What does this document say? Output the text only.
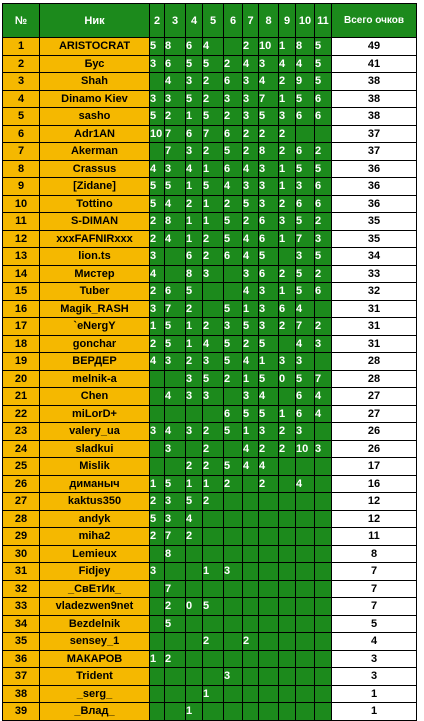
№	Ник	2	3	4	5	6	7	8	9	10	11	Всего очков
1	ARISTOCRAT	5	8	6	4		2	10	1	8	5	49
2	Бус	3	6	5	5	2	4	3	4	4	5	41
3	Shah		4	3	2	6	3	4	2	9	5	38
4	Dinamo Kiev	3	3	5	2	3	3	7	1	5	6	38
5	sasho	5	2	1	5	2	3	5	3	6	6	38
6	Adr1AN	10	7	6	7	6	2	2	2			37
7	Akerman		7	3	2	5	2	8	2	6	2	37
8	Crassus	4	3	4	1	6	4	3	1	5	5	36
9	[Zidane]	5	5	1	5	4	3	3	1	3	6	36
10	Tottino	5	4	2	1	2	5	3	2	6	6	36
11	S-DIMAN	2	8	1	1	5	2	6	3	5	2	35
12	xxxFAFNIRxxx	2	4	1	2	5	4	6	1	7	3	35
13	lion.ts	3		6	2	6	4	5		3	5	34
14	Мистер	4		8	3		3	6	2	5	2	33
15	Tuber	2	6	5			4	3	1	5	6	32
16	Magik_RASH	3	7	2		5	1	3	6	4		31
17	`eNergY	1	5	1	2	3	5	3	2	7	2	31
18	gonchar	2	5	1	4	5	2	5		4	3	31
19	ВЕРДЕР	4	3	2	3	5	4	1	3	3		28
20	melnik-a			3	5	2	1	5	0	5	7	28
21	Chen		4	3	3		3	4		6	4	27
22	miLorD+					6	5	5	1	6	4	27
23	valery_ua	3	4	3	2	5	1	3	2	3		26
24	sladkui		3		2		4	2	2	10	3	26
25	Mislik			2	2	5	4	4				17
26	диманыч	1	5	1	1	2		2		4		16
27	kaktus350	2	3	5	2							12
28	andyk	5	3	4								12
29	miha2	2	7	2								11
30	Lemieux		8									8
31	Fidjey	3			1	3						7
32	_СвЕтИк_		7									7
33	vladezwen9net		2	0	5							7
34	Bezdelnik		5									5
35	sensey_1				2		2					4
36	МАКАРОВ	1	2									3
37	Trident					3						3
38	_serg_				1							1
39	_Влад_			1								1
